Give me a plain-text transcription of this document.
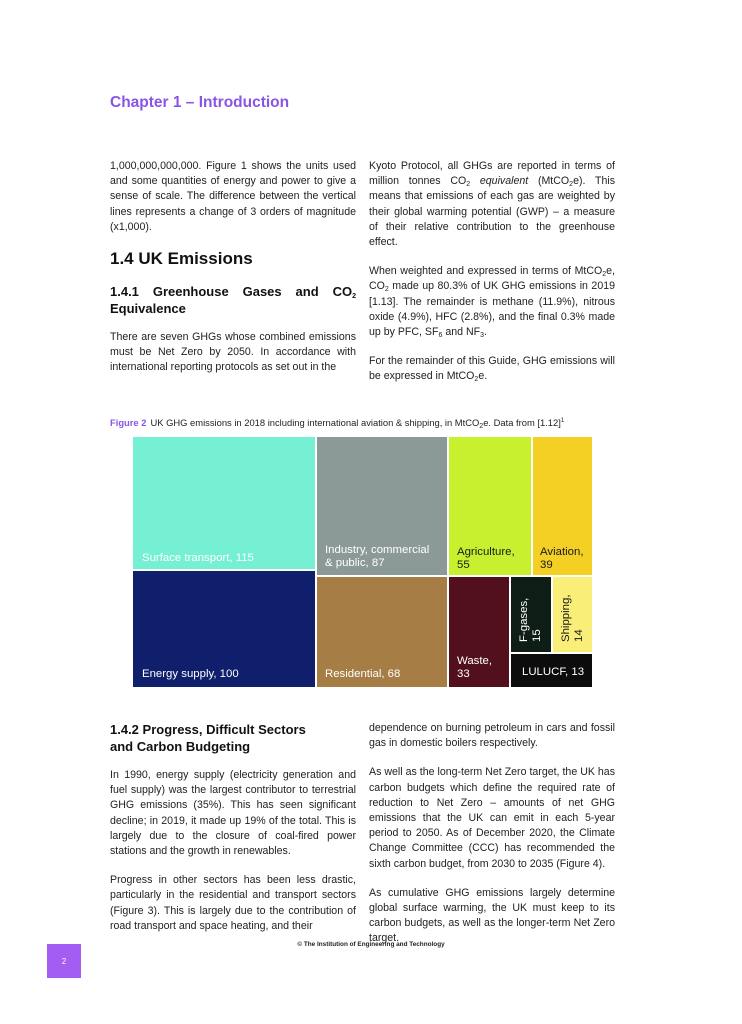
Chapter 1 – Introduction

1,000,000,000,000. Figure 1 shows the units used and some quantities of energy and power to give a sense of scale. The difference between the vertical lines represents a change of 3 orders of magnitude (x1,000).

1.4 UK Emissions
1.4.1 Greenhouse Gases and $CO_2$ Equivalence

There are seven GHGs whose combined emissions must be Net Zero by 2050. In accordance with international reporting protocols as set out in the

Kyoto Protocol, all GHGs are reported in terms of million tonnes $CO_2$ equivalent (MtCO$_2$e). This means that emissions of each gas are weighted by their global warming potential (GWP) – a measure of their relative contribution to the greenhouse effect.

When weighted and expressed in terms of MtCO$_2$e, $CO_2$ made up 80.3% of UK GHG emissions in 2019 [1.13]. The remainder is methane (11.9%), nitrous oxide (4.9%), HFC (2.8%), and the final 0.3% made up by PFC, $SF_6$ and $NF_3$.

For the remainder of this Guide, GHG emissions will be expressed in MtCO$_2$e.

Figure 2 UK GHG emissions in 2018 including international aviation & shipping, in MtCO$_2$e. Data from $[1.12]^1$
Surface transport, 115
Energy supply, 100
Industry, commercial
& public, 87
Residential, 68
Agriculture,
55
Aviation,
39
Waste,
33
F-gases, 15 Shipping, 14
LULUCF, 13
1.4.2 Progress, Difficult Sectors
and Carbon Budgeting

In 1990, energy supply (electricity generation and fuel supply) was the largest contributor to terrestrial GHG emissions (35%). This has seen significant decline; in 2019, it made up 19% of the total. This is largely due to the closure of coal-fired power stations and the growth in renewables.

Progress in other sectors has been less drastic, particularly in the residential and transport sectors (Figure 3). This is largely due to the contribution of road transport and space heating, and their

dependence on burning petroleum in cars and fossil gas in domestic boilers respectively.

As well as the long-term Net Zero target, the UK has carbon budgets which define the required rate of reduction to Net Zero – amounts of net GHG emissions that the UK can emit in each 5-year period to 2050. As of December 2020, the Climate Change Committee (CCC) has recommended the sixth carbon budget, from 2030 to 2035 (Figure 4).

As cumulative GHG emissions largely determine global surface warming, the UK must keep to its carbon budgets, as well as the longer-term Net Zero target.

© The Institution of Engineering and Technology
2
